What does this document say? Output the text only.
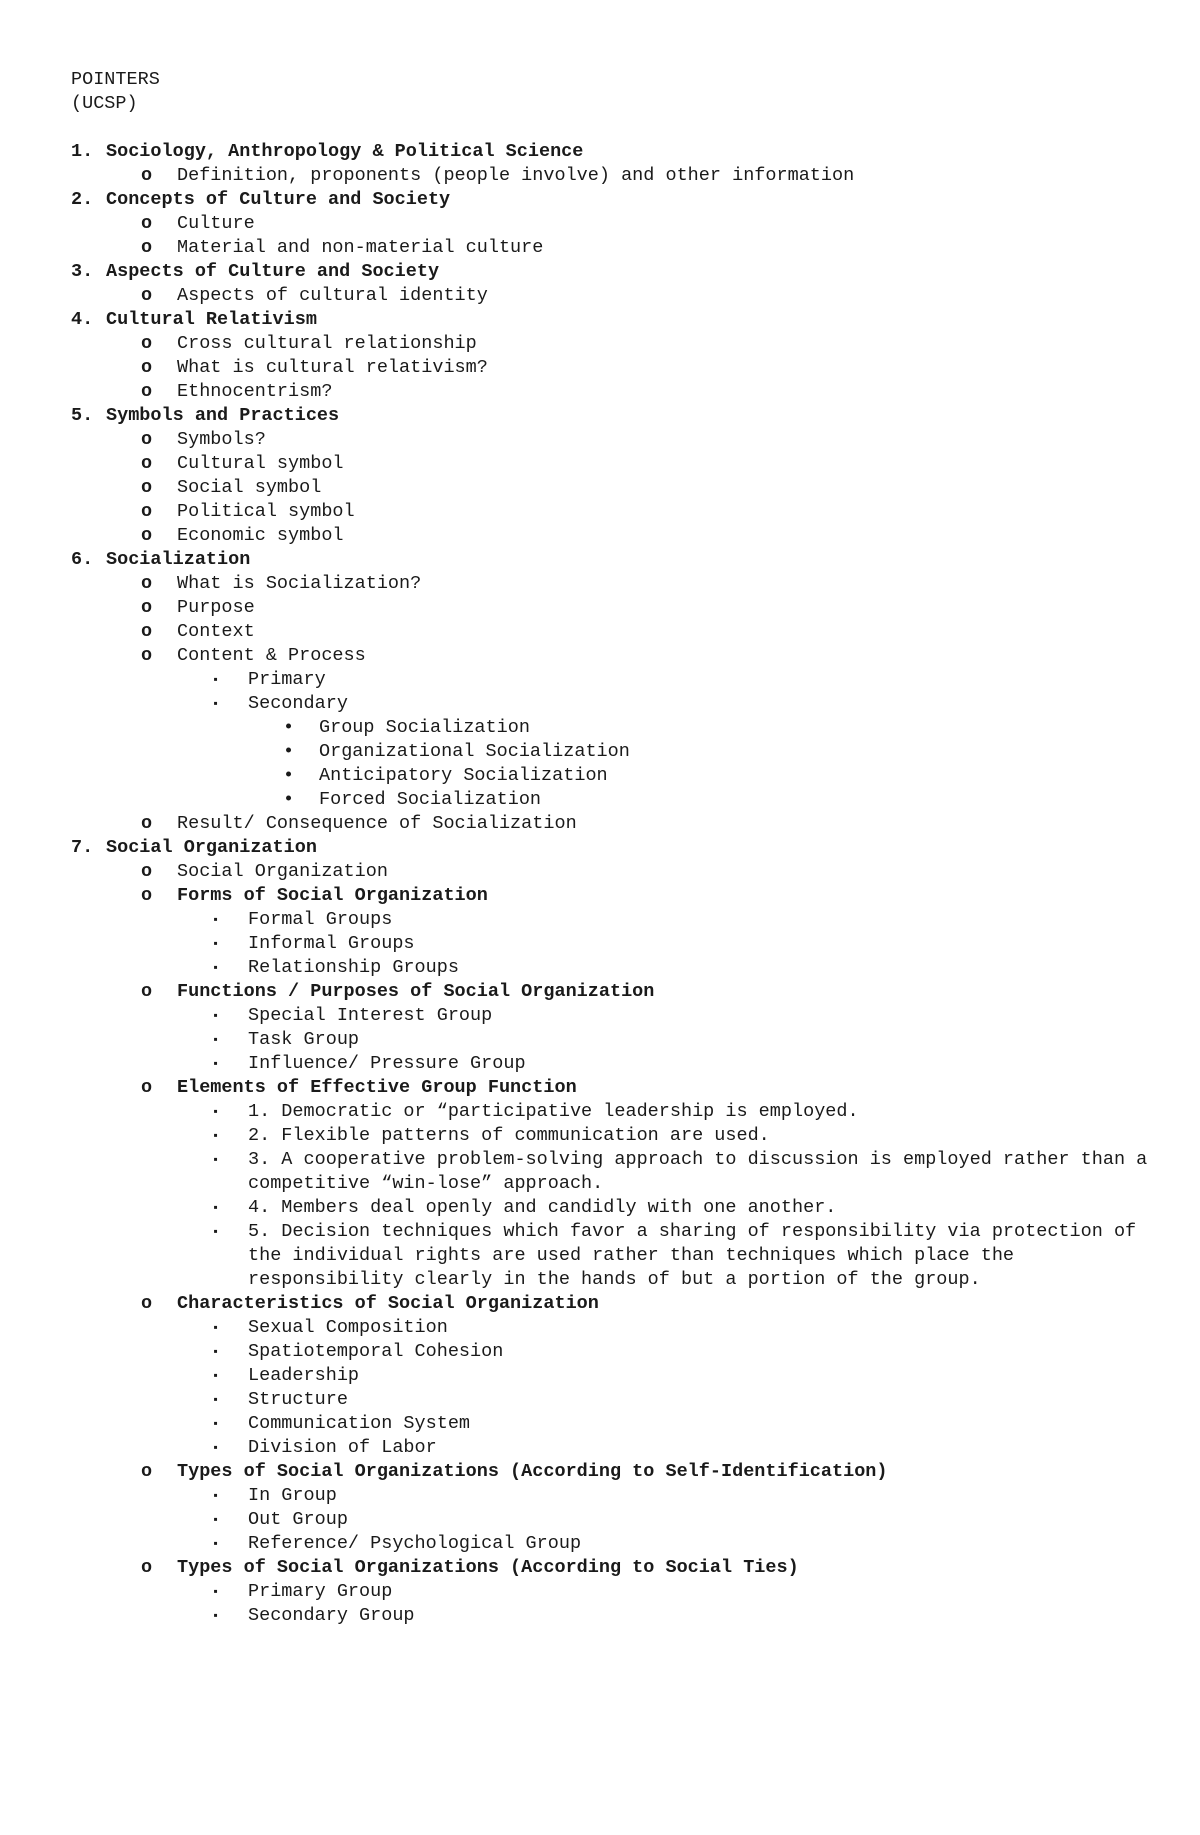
POINTERS
(UCSP)
1. Sociology, Anthropology & Political Science
o Definition, proponents (people involve) and other information
2. Concepts of Culture and Society
o Culture
o Material and non-material culture
3. Aspects of Culture and Society
o Aspects of cultural identity
4. Cultural Relativism
o Cross cultural relationship
o What is cultural relativism?
o Ethnocentrism?
5. Symbols and Practices
o Symbols?
o Cultural symbol
o Social symbol
o Political symbol
o Economic symbol
6. Socialization
o What is Socialization?
o Purpose
o Context
o Content & Process
▪ Primary
▪ Secondary
• Group Socialization
• Organizational Socialization
• Anticipatory Socialization
• Forced Socialization
o Result/ Consequence of Socialization
7. Social Organization
o Social Organization
o Forms of Social Organization
▪ Formal Groups
▪ Informal Groups
▪ Relationship Groups
o Functions / Purposes of Social Organization
▪ Special Interest Group
▪ Task Group
▪ Influence/ Pressure Group
o Elements of Effective Group Function
▪ 1. Democratic or “participative leadership is employed.
▪ 2. Flexible patterns of communication are used.
▪ 3. A cooperative problem-solving approach to discussion is employed rather than a competitive “win-lose” approach.
▪ 4. Members deal openly and candidly with one another.
▪ 5. Decision techniques which favor a sharing of responsibility via protection of the individual rights are used rather than techniques which place the responsibility clearly in the hands of but a portion of the group.
o Characteristics of Social Organization
▪ Sexual Composition
▪ Spatiotemporal Cohesion
▪ Leadership
▪ Structure
▪ Communication System
▪ Division of Labor
o Types of Social Organizations (According to Self-Identification)
▪ In Group
▪ Out Group
▪ Reference/ Psychological Group
o Types of Social Organizations (According to Social Ties)
▪ Primary Group
▪ Secondary Group
